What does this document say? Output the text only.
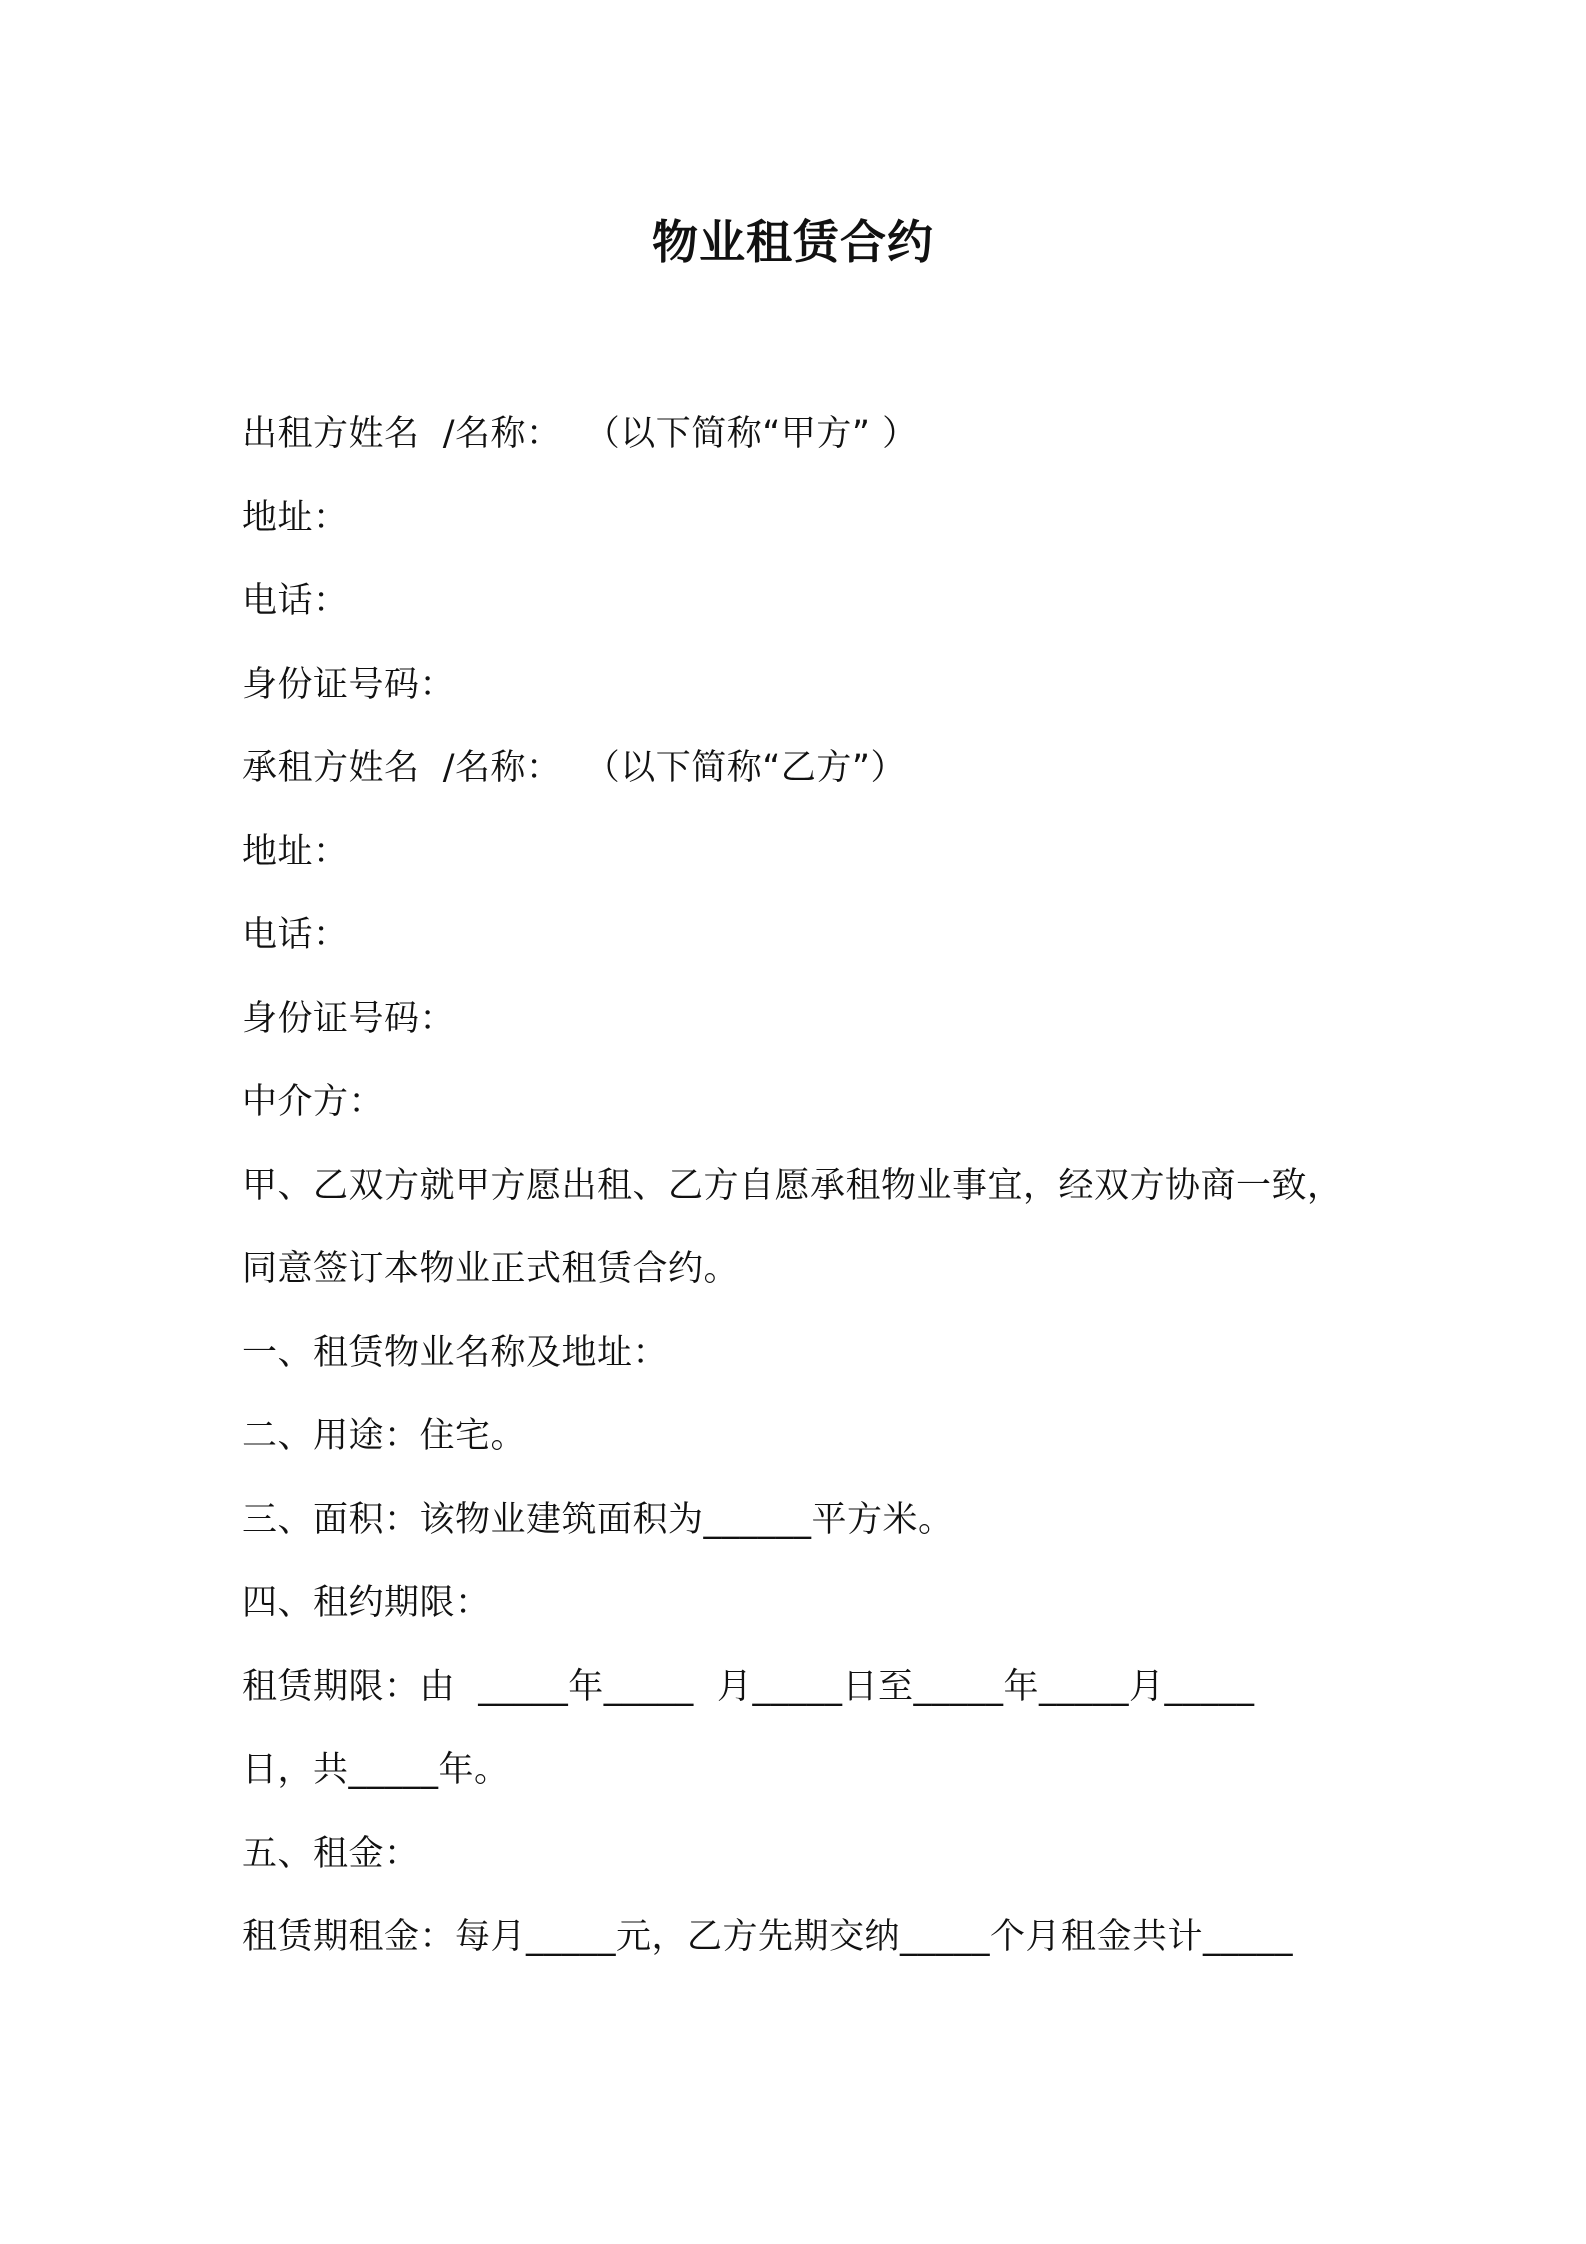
物业租赁合约
出租方姓名  /名称：  （以下简称“甲方” ）
地址：
电话：
身份证号码：
承租方姓名  /名称：  （以下简称“乙方”）
地址：
电话：
身份证号码：
中介方：
甲、乙双方就甲方愿出租、乙方自愿承租物业事宜，经双方协商一致，
同意签订本物业正式租赁合约。
一、租赁物业名称及地址：
二、用途：住宅。
三、面积：该物业建筑面积为______平方米。
四、租约期限：
租赁期限：由  _____年_____  月_____日至_____年_____月_____
日，共_____年。
五、租金：
租赁期租金：每月_____元，乙方先期交纳_____个月租金共计_____
